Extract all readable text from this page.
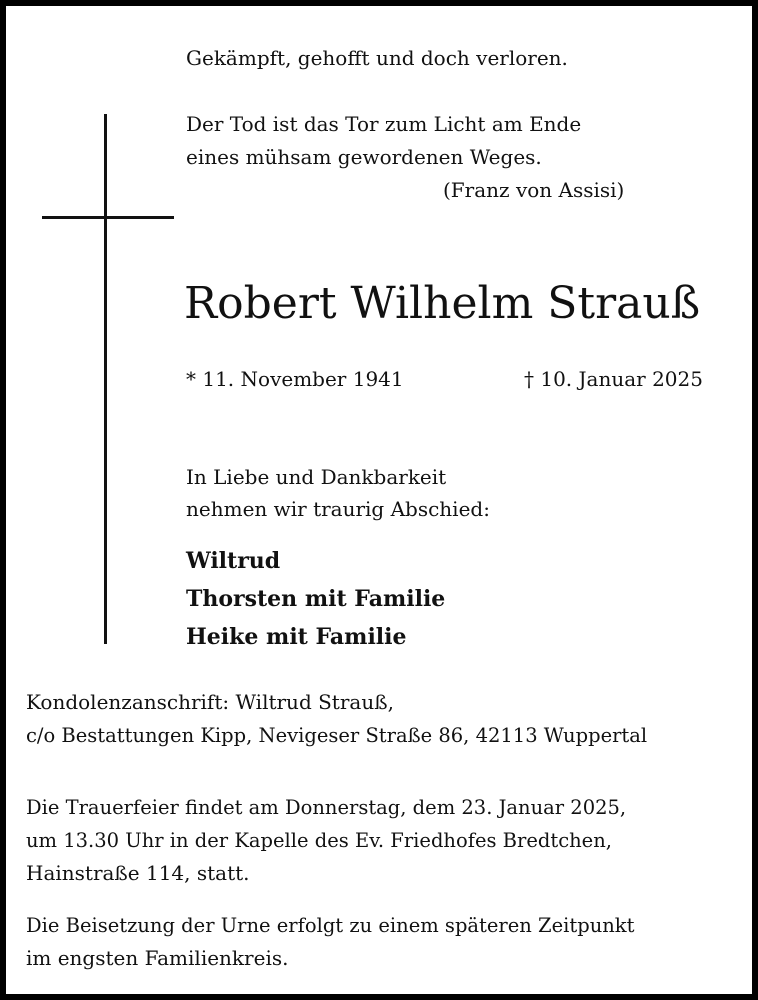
Gekämpft, gehofft und doch verloren.

Der Tod ist das Tor zum Licht am Ende

eines mühsam gewordenen Weges.

(Franz von Assisi)

Robert Wilhelm Strauß

* 11. November 1941	† 10. Januar 2025

In Liebe und Dankbarkeit

nehmen wir traurig Abschied:

Wiltrud

Thorsten mit Familie

Heike mit Familie

Kondolenzanschrift: Wiltrud Strauß,

c/o Bestattungen Kipp, Nevigeser Straße 86, 42113 Wuppertal

Die Trauerfeier findet am Donnerstag, dem 23. Januar 2025,

um 13.30 Uhr in der Kapelle des Ev. Friedhofes Bredtchen,

Hainstraße 114, statt.

Die Beisetzung der Urne erfolgt zu einem späteren Zeitpunkt

im engsten Familienkreis.
